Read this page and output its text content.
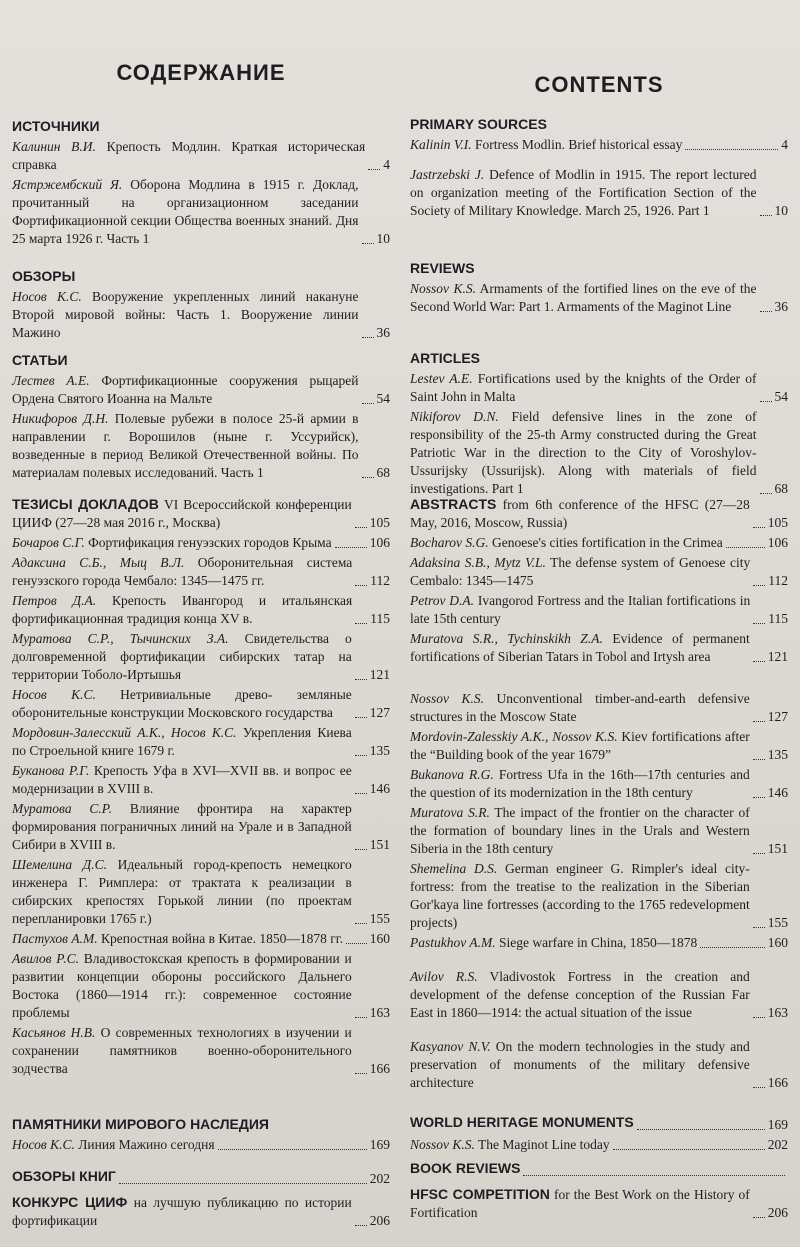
СОДЕРЖАНИЕ
ИСТОЧНИКИ
Калинин В.И. Крепость Модлин. Краткая историческая справка	4
Ястржембский Я. Оборона Модлина в 1915 г. Доклад, прочитанный на организационном заседании Фортификационной секции Общества военных знаний. Дня 25 марта 1926 г. Часть 1	10
ОБЗОРЫ
Носов К.С. Вооружение укрепленных линий накануне Второй мировой войны: Часть 1. Вооружение линии Мажино	36
СТАТЬИ
Лестев А.Е. Фортификационные сооружения рыцарей Ордена Святого Иоанна на Мальте	54
Никифоров Д.Н. Полевые рубежи в полосе 25-й армии в направлении г. Ворошилов (ныне г. Уссурийск), возведенные в период Великой Отечественной войны. По материалам полевых исследований. Часть 1	68
ТЕЗИСЫ ДОКЛАДОВ VI Всероссийской конференции ЦИИФ (27—28 мая 2016 г., Москва)	105
Бочаров С.Г. Фортификация генуэзских городов Крыма	106
Адаксина С.Б., Мыц В.Л. Оборонительная система генуэзского города Чембало: 1345—1475 гг.	112
Петров Д.А. Крепость Ивангород и итальянская фортификационная традиция конца XV в.	115
Муратова С.Р., Тычинских З.А. Свидетельства о долговременной фортификации сибирских татар на территории Тоболо-Иртышья	121
Носов К.С. Нетривиальные древо- земляные оборонительные конструкции Московского государства	127
Мордовин-Залесский А.К., Носов К.С. Укрепления Киева по Строельной книге 1679 г.	135
Буканова Р.Г. Крепость Уфа в XVI—XVII вв. и вопрос ее модернизации в XVIII в.	146
Муратова С.Р. Влияние фронтира на характер формирования пограничных линий на Урале и в Западной Сибири в XVIII в.	151
Шемелина Д.С. Идеальный город-крепость немецкого инженера Г. Римплера: от трактата к реализации в сибирских крепостях Горькой линии (по проектам перепланировки 1765 г.)	155
Пастухов А.М. Крепостная война в Китае. 1850—1878 гг. 160
Авилов Р.С. Владивостокская крепость в формировании и развитии концепции обороны российского Дальнего Востока (1860—1914 гг.): современное состояние проблемы	163
Касьянов Н.В. О современных технологиях в изучении и сохранении памятников военно-оборонительного зодчества	166
ПАМЯТНИКИ МИРОВОГО НАСЛЕДИЯ
Носов К.С. Линия Мажино сегодня	169
ОБЗОРЫ КНИГ	202
КОНКУРС ЦИИФ на лучшую публикацию по истории фортификации	206
CONTENTS
PRIMARY SOURCES
Kalinin V.I. Fortress Modlin. Brief historical essay	4
Jastrzebski J. Defence of Modlin in 1915. The report lectured on organization meeting of the Fortification Section of the Society of Military Knowledge. March 25, 1926. Part 1	10
REVIEWS
Nossov K.S. Armaments of the fortified lines on the eve of the Second World War: Part 1. Armaments of the Maginot Line	36
ARTICLES
Lestev A.E. Fortifications used by the knights of the Order of Saint John in Malta	54
Nikiforov D.N. Field defensive lines in the zone of responsibility of the 25-th Army constructed during the Great Patriotic War in the direction to the City of Voroshylov-Ussurijsky (Ussurijsk). Along with materials of field investigations. Part 1	68
ABSTRACTS from 6th conference of the HFSC (27—28 May, 2016, Moscow, Russia)	105
Bocharov S.G. Genoese's cities fortification in the Crimea	106
Adaksina S.B., Mytz V.L. The defense system of Genoese city Cembalo: 1345—1475	112
Petrov D.A. Ivangorod Fortress and the Italian fortifications in late 15th century	115
Muratova S.R., Tychinskikh Z.A. Evidence of permanent fortifications of Siberian Tatars in Tobol and Irtysh area	121
Nossov K.S. Unconventional timber-and-earth defensive structures in the Moscow State	127
Mordovin-Zalesskiy A.K., Nossov K.S. Kiev fortifications after the “Building book of the year 1679”	135
Bukanova R.G. Fortress Ufa in the 16th—17th centuries and the question of its modernization in the 18th century	146
Muratova S.R. The impact of the frontier on the character of the formation of boundary lines in the Urals and Western Siberia in the 18th century	151
Shemelina D.S. German engineer G. Rimpler's ideal city-fortress: from the treatise to the realization in the Siberian Gor'kaya line fortresses (according to the 1765 redevelopment projects)	155
Pastukhov A.M. Siege warfare in China, 1850—1878	160
Avilov R.S. Vladivostok Fortress in the creation and development of the defense conception of the Russian Far East in 1860—1914: the actual situation of the issue	163
Kasyanov N.V. On the modern technologies in the study and preservation of monuments of the military defensive architecture	166
WORLD HERITAGE MONUMENTS	169
Nossov K.S. The Maginot Line today	202
BOOK REVIEWS
HFSC COMPETITION for the Best Work on the History of Fortification	206
